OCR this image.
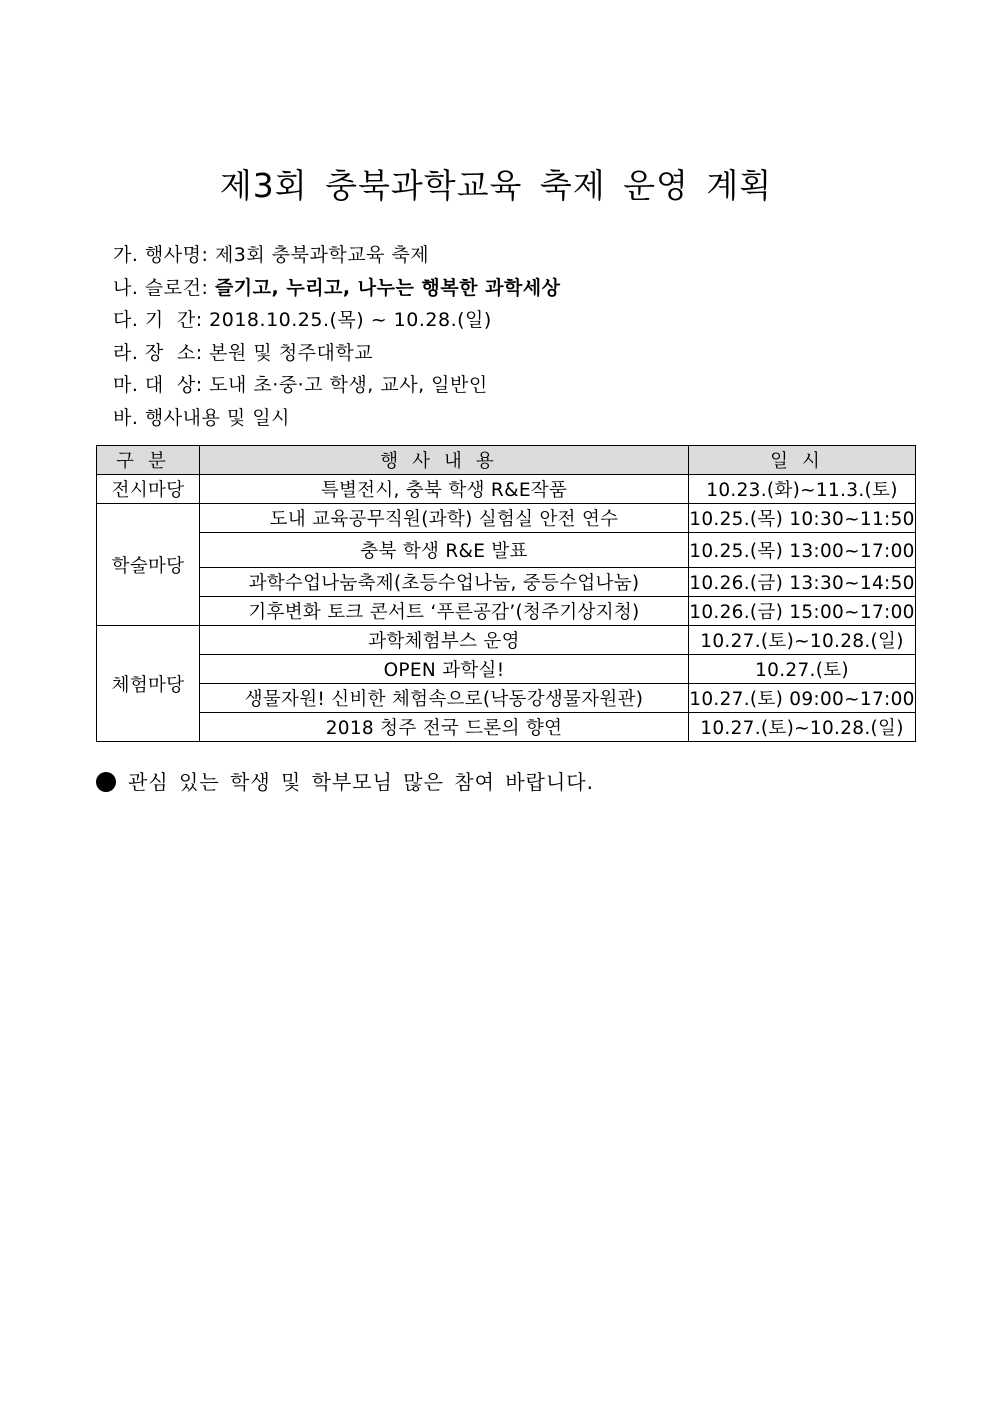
제3회 충북과학교육 축제 운영 계획
가. 행사명: 제3회 충북과학교육 축제
나. 슬로건: 즐기고, 누리고, 나누는 행복한 과학세상
다. 기  간: 2018.10.25.(목) ~ 10.28.(일)
라. 장  소: 본원 및 청주대학교
마. 대  상: 도내 초·중·고 학생, 교사, 일반인
바. 행사내용 및 일시
구분	행사내용	일시
전시마당	특별전시, 충북 학생 R&E작품	10.23.(화)~11.3.(토)
학술마당	도내 교육공무직원(과학) 실험실 안전 연수	10.25.(목) 10:30~11:50
	충북 학생 R&E 발표	10.25.(목) 13:00~17:00
	과학수업나눔축제(초등수업나눔, 중등수업나눔)	10.26.(금) 13:30~14:50
	기후변화 토크 콘서트 ‘푸른공감’(청주기상지청)	10.26.(금) 15:00~17:00
체험마당	과학체험부스 운영	10.27.(토)~10.28.(일)
	OPEN 과학실!	10.27.(토)
	생물자원! 신비한 체험속으로(낙동강생물자원관)	10.27.(토) 09:00~17:00
	2018 청주 전국 드론의 향연	10.27.(토)~10.28.(일)
관심 있는 학생 및 학부모님 많은 참여 바랍니다.
